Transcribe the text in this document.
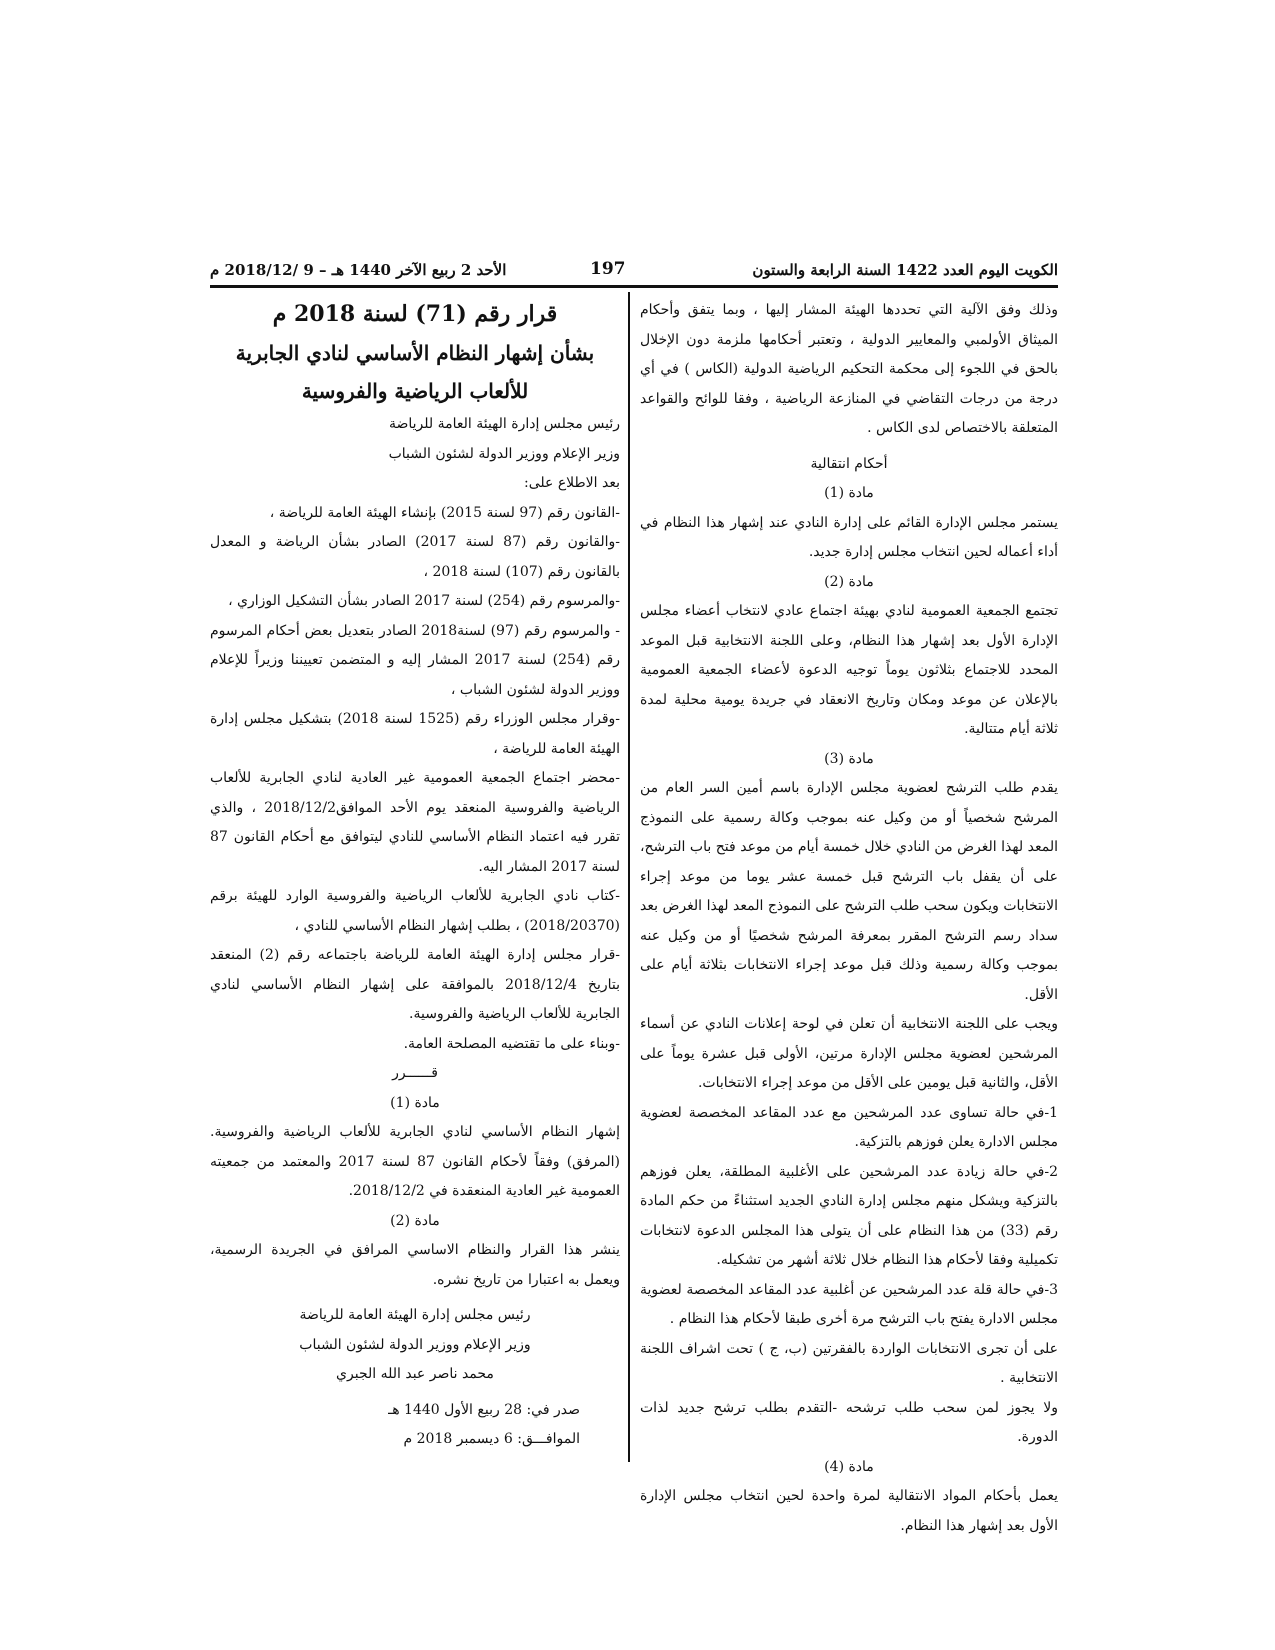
الأحد 2 ربيع الآخر 1440 هـ – 9 /2018/12 م	197	الكويت اليوم العدد 1422 السنة الرابعة والستون

وذلك وفق الآلية التي تحددها الهيئة المشار إليها ، وبما يتفق وأحكام الميثاق الأولمبي والمعايير الدولية ، وتعتبر أحكامها ملزمة دون الإخلال بالحق في اللجوء إلى محكمة التحكيم الرياضية الدولية (الكاس ) في أي درجة من درجات التقاضي في المنازعة الرياضية ، وفقا للوائح والقواعد المتعلقة بالاختصاص لدى الكاس .

أحكام انتقالية

مادة (1)

يستمر مجلس الإدارة القائم على إدارة النادي عند إشهار هذا النظام في أداء أعماله لحين انتخاب مجلس إدارة جديد.

مادة (2)

تجتمع الجمعية العمومية لنادي بهيئة اجتماع عادي لانتخاب أعضاء مجلس الإدارة الأول بعد إشهار هذا النظام، وعلى اللجنة الانتخابية قبل الموعد المحدد للاجتماع بثلاثون يوماً توجيه الدعوة لأعضاء الجمعية العمومية بالإعلان عن موعد ومكان وتاريخ الانعقاد في جريدة يومية محلية لمدة ثلاثة أيام متتالية.

مادة (3)

يقدم طلب الترشح لعضوية مجلس الإدارة باسم أمين السر العام من المرشح شخصياً أو من وكيل عنه بموجب وكالة رسمية على النموذج المعد لهذا الغرض من النادي خلال خمسة أيام من موعد فتح باب الترشح، على أن يقفل باب الترشح قبل خمسة عشر يوما من موعد إجراء الانتخابات ويكون سحب طلب الترشح على النموذج المعد لهذا الغرض بعد سداد رسم الترشح المقرر بمعرفة المرشح شخصيًا أو من وكيل عنه بموجب وكالة رسمية وذلك قبل موعد إجراء الانتخابات بثلاثة أيام على الأقل.

ويجب على اللجنة الانتخابية أن تعلن في لوحة إعلانات النادي عن أسماء المرشحين لعضوية مجلس الإدارة مرتين، الأولى قبل عشرة يوماً على الأقل، والثانية قبل يومين على الأقل من موعد إجراء الانتخابات.

1-في حالة تساوى عدد المرشحين مع عدد المقاعد المخصصة لعضوية مجلس الادارة يعلن فوزهم بالتزكية.

2-في حالة زيادة عدد المرشحين على الأغلبية المطلقة، يعلن فوزهم بالتزكية ويشكل منهم مجلس إدارة النادي الجديد استثناءً من حكم المادة رقم (33) من هذا النظام على أن يتولى هذا المجلس الدعوة لانتخابات تكميلية وفقا لأحكام هذا النظام خلال ثلاثة أشهر من تشكيله.

3-في حالة قلة عدد المرشحين عن أغلبية عدد المقاعد المخصصة لعضوية مجلس الادارة يفتح باب الترشح مرة أخرى طبقا لأحكام هذا النظام .

على أن تجرى الانتخابات الواردة بالفقرتين (ب، ج ) تحت اشراف اللجنة الانتخابية .

ولا يجوز لمن سحب طلب ترشحه -التقدم بطلب ترشح جديد لذات الدورة.

مادة (4)

يعمل بأحكام المواد الانتقالية لمرة واحدة لحين انتخاب مجلس الإدارة الأول بعد إشهار هذا النظام.

قرار رقم (71) لسنة 2018 م

بشأن إشهار النظام الأساسي لنادي الجابرية للألعاب الرياضية والفروسية

رئيس مجلس إدارة الهيئة العامة للرياضة

وزير الإعلام ووزير الدولة لشئون الشباب

بعد الاطلاع على:

-القانون رقم (97 لسنة 2015) بإنشاء الهيئة العامة للرياضة ،

-والقانون رقم (87 لسنة 2017) الصادر بشأن الرياضة و المعدل بالقانون رقم (107) لسنة 2018 ،

-والمرسوم رقم (254) لسنة 2017 الصادر بشأن التشكيل الوزاري ،

- والمرسوم رقم (97) لسنة2018 الصادر بتعديل بعض أحكام المرسوم رقم (254) لسنة 2017 المشار إليه و المتضمن تعييننا وزيراً للإعلام ووزير الدولة لشئون الشباب ،

-وقرار مجلس الوزراء رقم (1525 لسنة 2018) بتشكيل مجلس إدارة الهيئة العامة للرياضة ،

-محضر اجتماع الجمعية العمومية غير العادية لنادي الجابرية للألعاب الرياضية والفروسية المنعقد يوم الأحد الموافق2018/12/2 ، والذي تقرر فيه اعتماد النظام الأساسي للنادي ليتوافق مع أحكام القانون 87 لسنة 2017 المشار اليه.

-كتاب نادي الجابرية للألعاب الرياضية والفروسية الوارد للهيئة برقم (2018/20370) ، بطلب إشهار النظام الأساسي للنادي ،

-قرار مجلس إدارة الهيئة العامة للرياضة باجتماعه رقم (2) المنعقد بتاريخ 2018/12/4 بالموافقة على إشهار النظام الأساسي لنادي الجابرية للألعاب الرياضية والفروسية.

-وبناء على ما تقتضيه المصلحة العامة.

قــــــرر

مادة (1)

إشهار النظام الأساسي لنادي الجابرية للألعاب الرياضية والفروسية. (المرفق) وفقاً لأحكام القانون 87 لسنة 2017 والمعتمد من جمعيته العمومية غير العادية المنعقدة في 2018/12/2.

مادة (2)

ينشر هذا القرار والنظام الاساسي المرافق في الجريدة الرسمية، ويعمل به اعتبارا من تاريخ نشره.

رئيس مجلس إدارة الهيئة العامة للرياضة

وزير الإعلام ووزير الدولة لشئون الشباب

محمد ناصر عبد الله الجبري

صدر في: 28 ربيع الأول 1440 هـ

الموافـــق: 6 ديسمبر 2018 م
